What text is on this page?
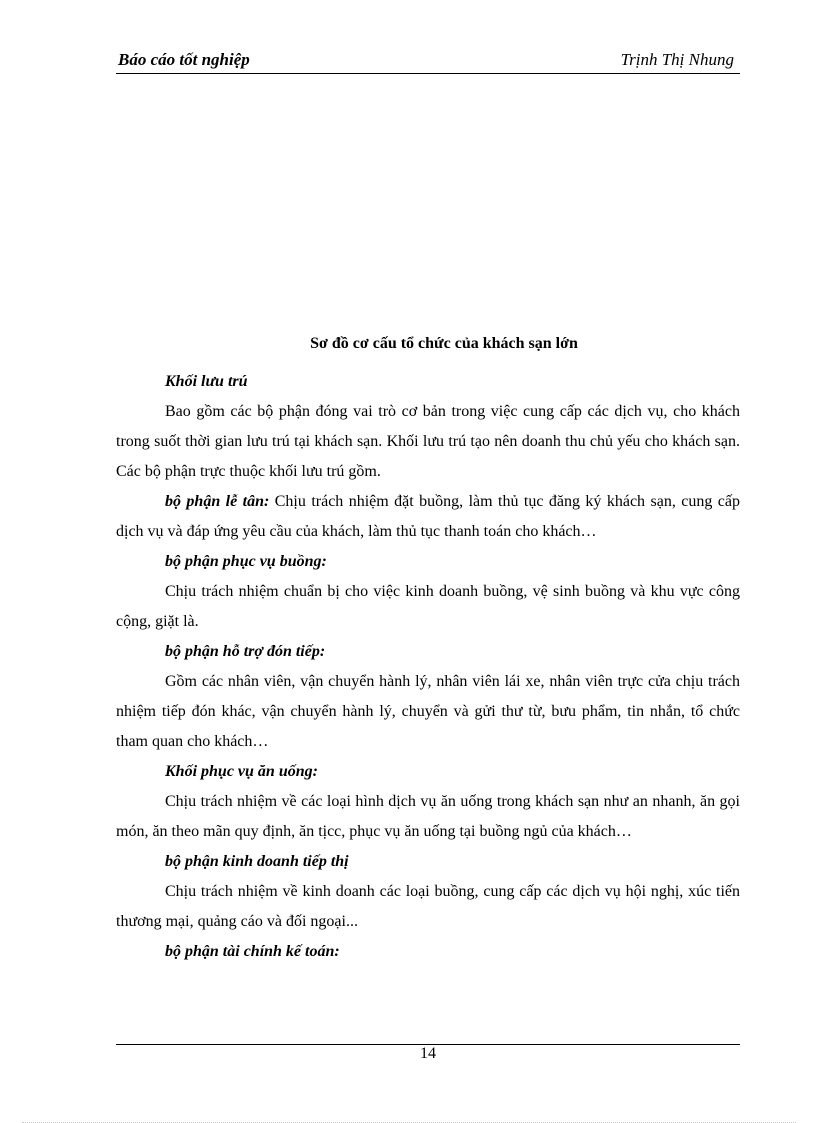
Báo cáo tốt nghiệp	Trịnh Thị Nhung

Sơ đồ cơ cấu tổ chức của khách sạn lớn

Khối lưu trú

Bao gồm các bộ phận đóng vai trò cơ bản trong việc cung cấp các dịch vụ, cho khách trong suốt thời gian lưu trú tại khách sạn. Khối lưu trú tạo nên doanh thu chủ yếu cho khách sạn. Các bộ phận trực thuộc khối lưu trú gồm.

bộ phận lễ tân: Chịu trách nhiệm đặt buồng, làm thủ tục đăng ký khách sạn, cung cấp dịch vụ và đáp ứng yêu cầu của khách, làm thủ tục thanh toán cho khách…

bộ phận phục vụ buồng:

Chịu trách nhiệm chuẩn bị cho việc kinh doanh buồng, vệ sinh buồng và khu vực công cộng, giặt là.

bộ phận hỗ trợ đón tiếp:

Gồm các nhân viên, vận chuyển hành lý, nhân viên lái xe, nhân viên trực cửa chịu trách nhiệm tiếp đón khác, vận chuyển hành lý, chuyển và gửi thư từ, bưu phẩm, tin nhắn, tổ chức tham quan cho khách…

Khối phục vụ ăn uống:

Chịu trách nhiệm về các loại hình dịch vụ ăn uống trong khách sạn như an nhanh, ăn gọi món, ăn theo mãn quy định, ăn tịcc, phục vụ ăn uống tại buồng ngủ của khách…

bộ phận kinh doanh tiếp thị

Chịu trách nhiệm về kinh doanh các loại buồng, cung cấp các dịch vụ hội nghị, xúc tiến thương mại, quảng cáo và đối ngoại...

bộ phận tài chính kế toán:

14
